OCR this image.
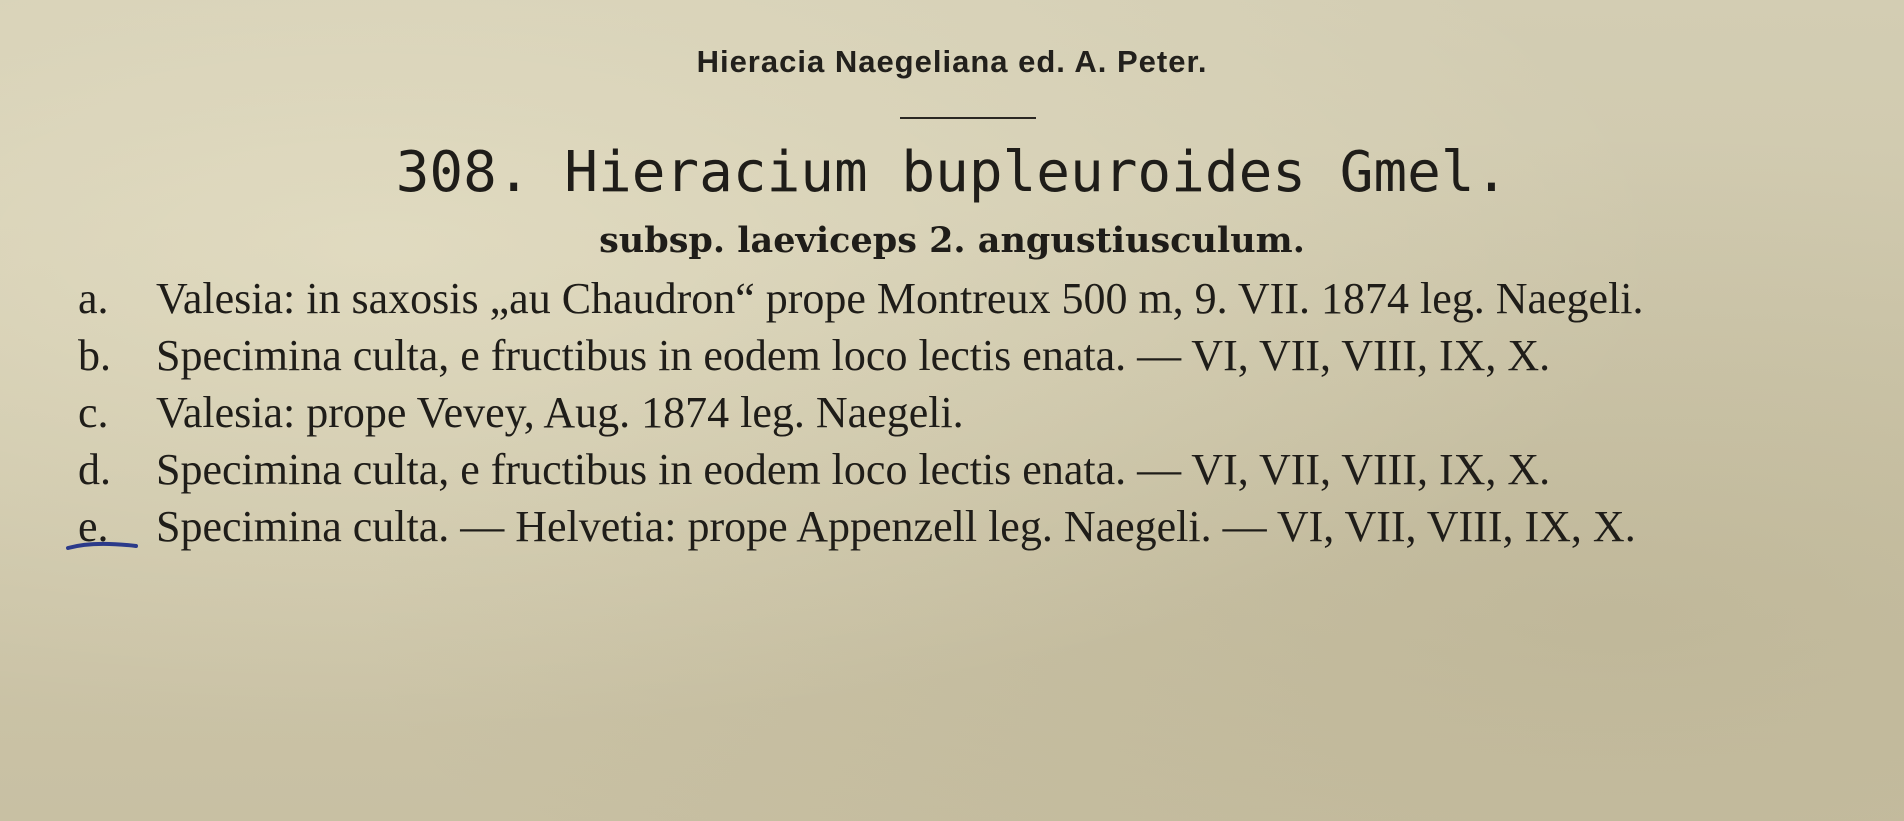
Hieracia Naegeliana ed. A. Peter.
308. Hieracium bupleuroides Gmel.
subsp. laeviceps 2. angustiusculum.

a. Valesia: in saxosis „au Chaudron“ prope Montreux 500 m, 9. VII. 1874 leg. Naegeli.

b. Specimina culta, e fructibus in eodem loco lectis enata. — VI, VII, VIII, IX, X.

c. Valesia: prope Vevey, Aug. 1874 leg. Naegeli.

d. Specimina culta, e fructibus in eodem loco lectis enata. — VI, VII, VIII, IX, X.

e. Specimina culta. — Helvetia: prope Appenzell leg. Naegeli. — VI, VII, VIII, IX, X.
